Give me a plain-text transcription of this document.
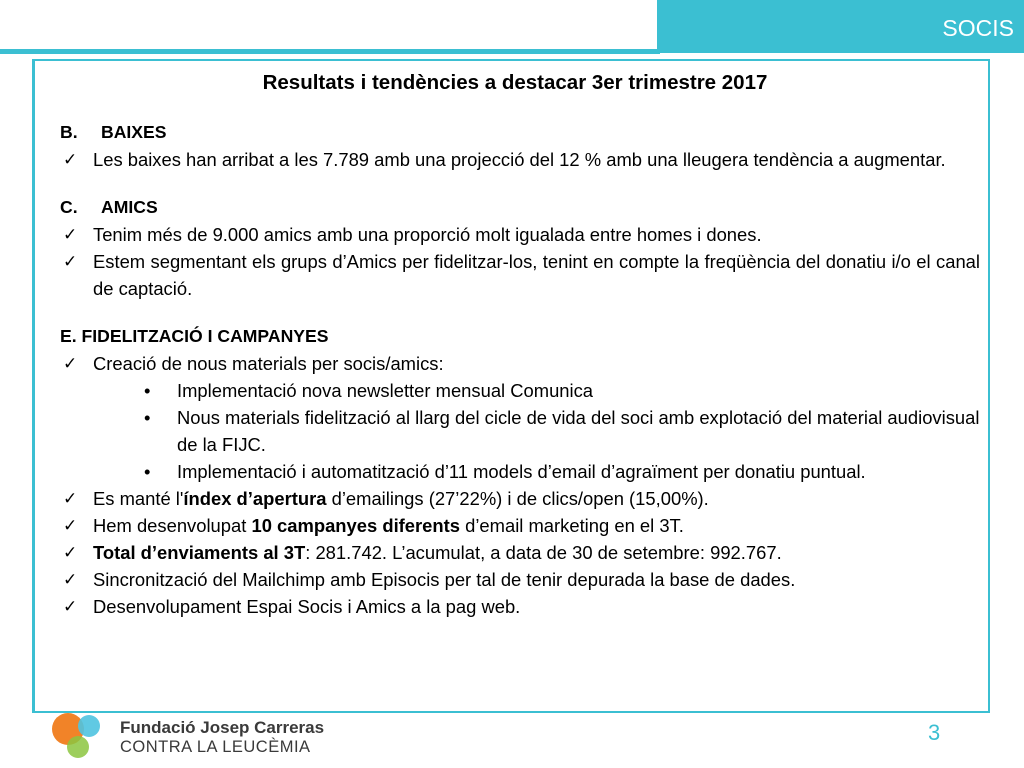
SOCIS
Resultats i tendències a destacar 3er trimestre 2017
B. BAIXES
✓ Les baixes han arribat a les 7.789 amb una projecció del 12 % amb una lleugera tendència a augmentar.
C. AMICS
✓ Tenim més de 9.000 amics amb una proporció molt igualada entre homes i dones.
✓ Estem segmentant els grups d’Amics per fidelitzar-los, tenint en compte la freqüència del donatiu i/o el canal de captació.
E. FIDELITZACIÓ I CAMPANYES
✓ Creació de nous materials per socis/amics:
• Implementació nova newsletter mensual Comunica
• Nous materials fidelització al llarg del cicle de vida del soci amb explotació del material audiovisual de la FIJC.
• Implementació i automatització d’11 models d’email d’agraïment per donatiu puntual.
✓ Es manté l'índex d’apertura d’emailings (27’22%) i de clics/open (15,00%).
✓ Hem desenvolupat 10 campanyes diferents d’email marketing en el 3T.
✓ Total d’enviaments al 3T: 281.742. L’acumulat, a data de 30 de setembre: 992.767.
✓ Sincronització del Mailchimp amb Episocis per tal de tenir depurada la base de dades.
✓ Desenvolupament Espai Socis i Amics a la pag web.
Fundació Josep Carreras
CONTRA LA LEUCÈMIA
3
